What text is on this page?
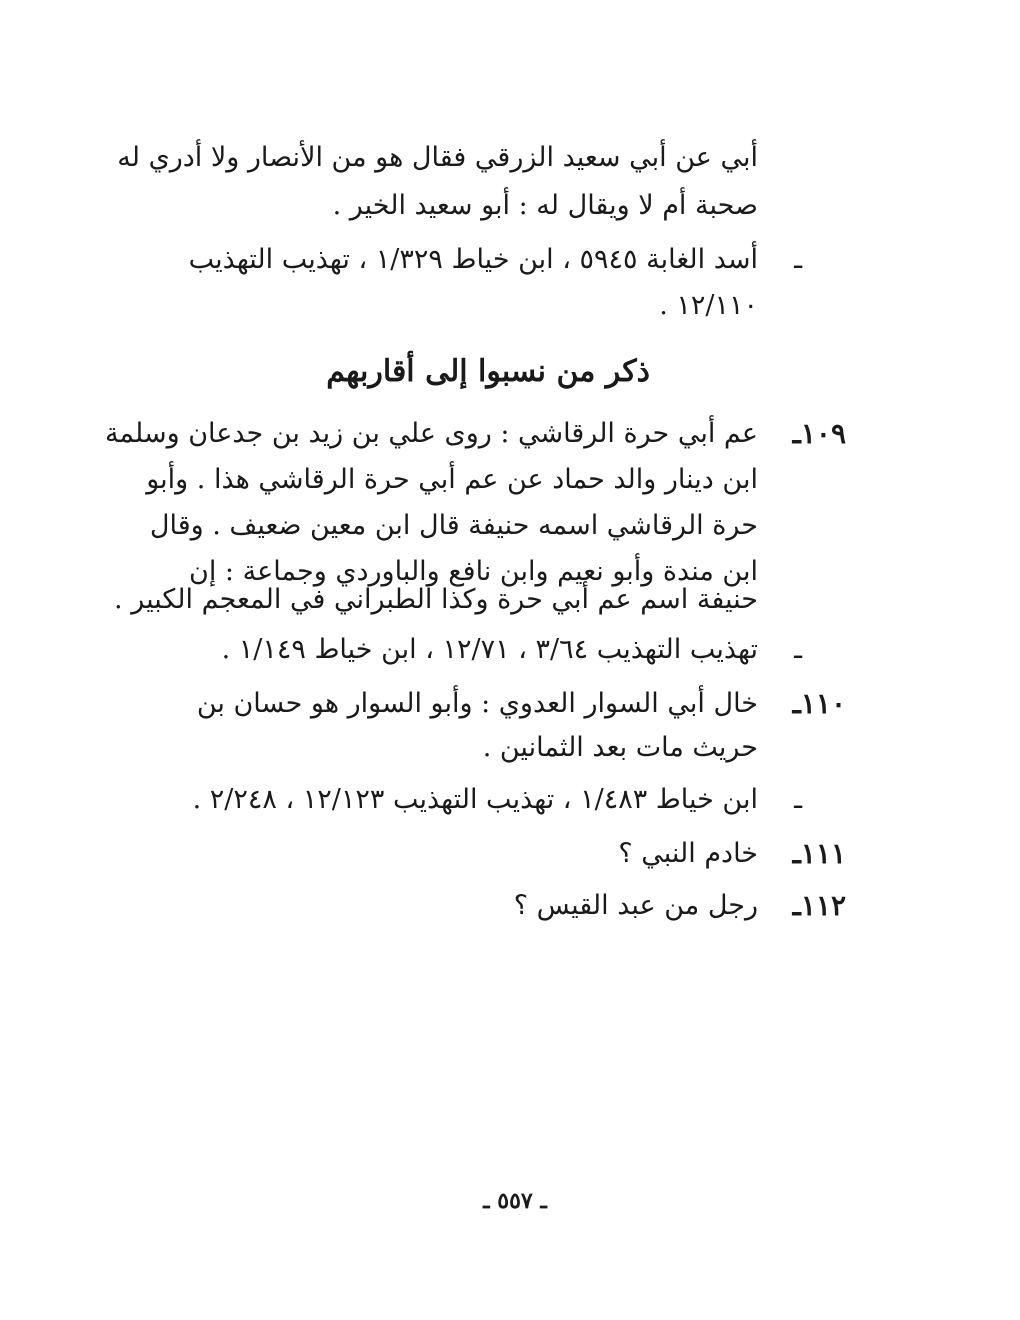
أبي عن أبي سعيد الزرقي فقال هو من الأنصار ولا أدري له
صحبة أم لا ويقال له : أبو سعيد الخير .
ـ
أسد الغابة ٥٩٤٥ ، ابن خياط ١/٣٢٩ ، تهذيب التهذيب
١٢/١١٠ .
ذكر من نسبوا إلى أقاربهم
١٠٩ـ
عم أبي حرة الرقاشي : روى علي بن زيد بن جدعان وسلمة
ابن دينار والد حماد عن عم أبي حرة الرقاشي هذا . وأبو
حرة الرقاشي اسمه حنيفة قال ابن معين ضعيف . وقال
ابن مندة وأبو نعيم وابن نافع والباوردي وجماعة : إن
حنيفة اسم عم أبي حرة وكذا الطبراني في المعجم الكبير .
ـ
تهذيب التهذيب ٣/٦٤ ، ١٢/٧١ ، ابن خياط ١/١٤٩ .
١١٠ـ
خال أبي السوار العدوي : وأبو السوار هو حسان بن
حريث مات بعد الثمانين .
ـ
ابن خياط ١/٤٨٣ ، تهذيب التهذيب ١٢/١٢٣ ، ٢/٢٤٨ .
١١١ـ
خادم النبي ؟
١١٢ـ
رجل من عبد القيس ؟
ـ ٥٥٧ ـ
